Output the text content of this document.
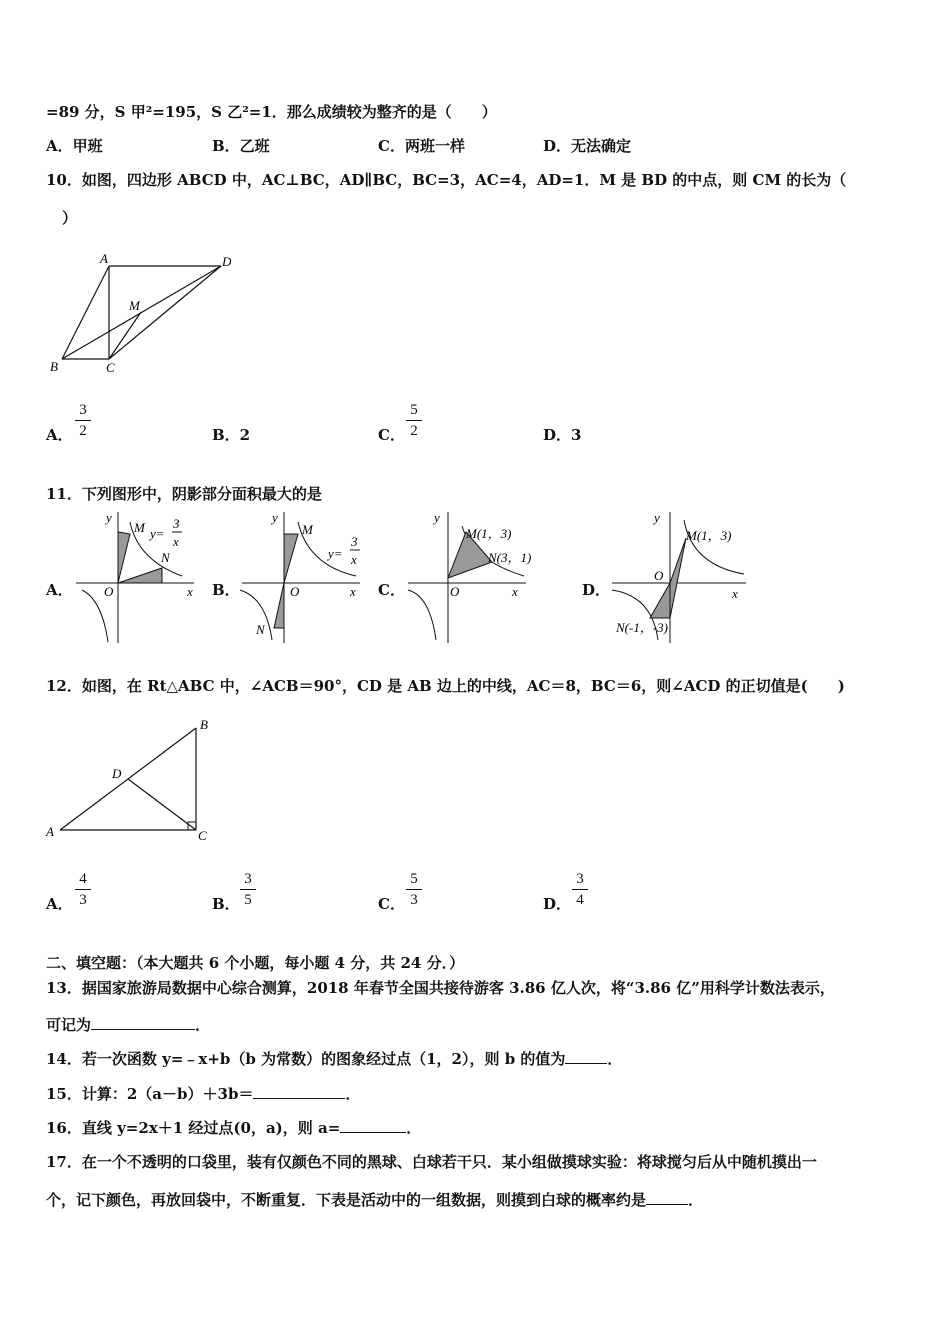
=89 分，S 甲²=195，S 乙²=1．那么成绩较为整齐的是（　　）
A．甲班	B．乙班	C．两班一样	D．无法确定
10．如图，四边形 ABCD 中，AC⊥BC，AD∥BC，BC=3，AC=4，AD=1．M 是 BD 的中点，则 CM 的长为（
）
A	D
M
B	C
A． $\frac{3}{2}$	B．2	C． $\frac{5}{2}$	D．3
11．下列图形中，阴影部分面积最大的是
A．
y
x
O
M
N
y=
3
x
B．
y
x
O
M
N
y=
3
x
C．
y
x
O
M(1，3)
N(3，1)
D．
y
x
O
M(1，3)
N(-1，-3)
12．如图，在 Rt△ABC 中，∠ACB＝90°，CD 是 AB 边上的中线，AC＝8，BC＝6，则∠ACD 的正切值是(　　)
B
D
A	C
A． $\frac{4}{3}$	B． $\frac{3}{5}$	C． $\frac{5}{3}$	D． $\frac{3}{4}$
二、填空题：（本大题共 6 个小题，每小题 4 分，共 24 分．）
13．据国家旅游局数据中心综合测算，2018 年春节全国共接待游客 3.86 亿人次，将“3.86 亿”用科学计数法表示，
可记为	．
14．若一次函数 y=﹣x+b（b 为常数）的图象经过点（1，2），则 b 的值为	．
15．计算：2（a－b）＋3b＝	．
16．直线 y=2x＋1 经过点(0，a)，则 a=	．
17．在一个不透明的口袋里，装有仅颜色不同的黑球、白球若干只．某小组做摸球实验：将球搅匀后从中随机摸出一
个，记下颜色，再放回袋中，不断重复．下表是活动中的一组数据，则摸到白球的概率约是	．
